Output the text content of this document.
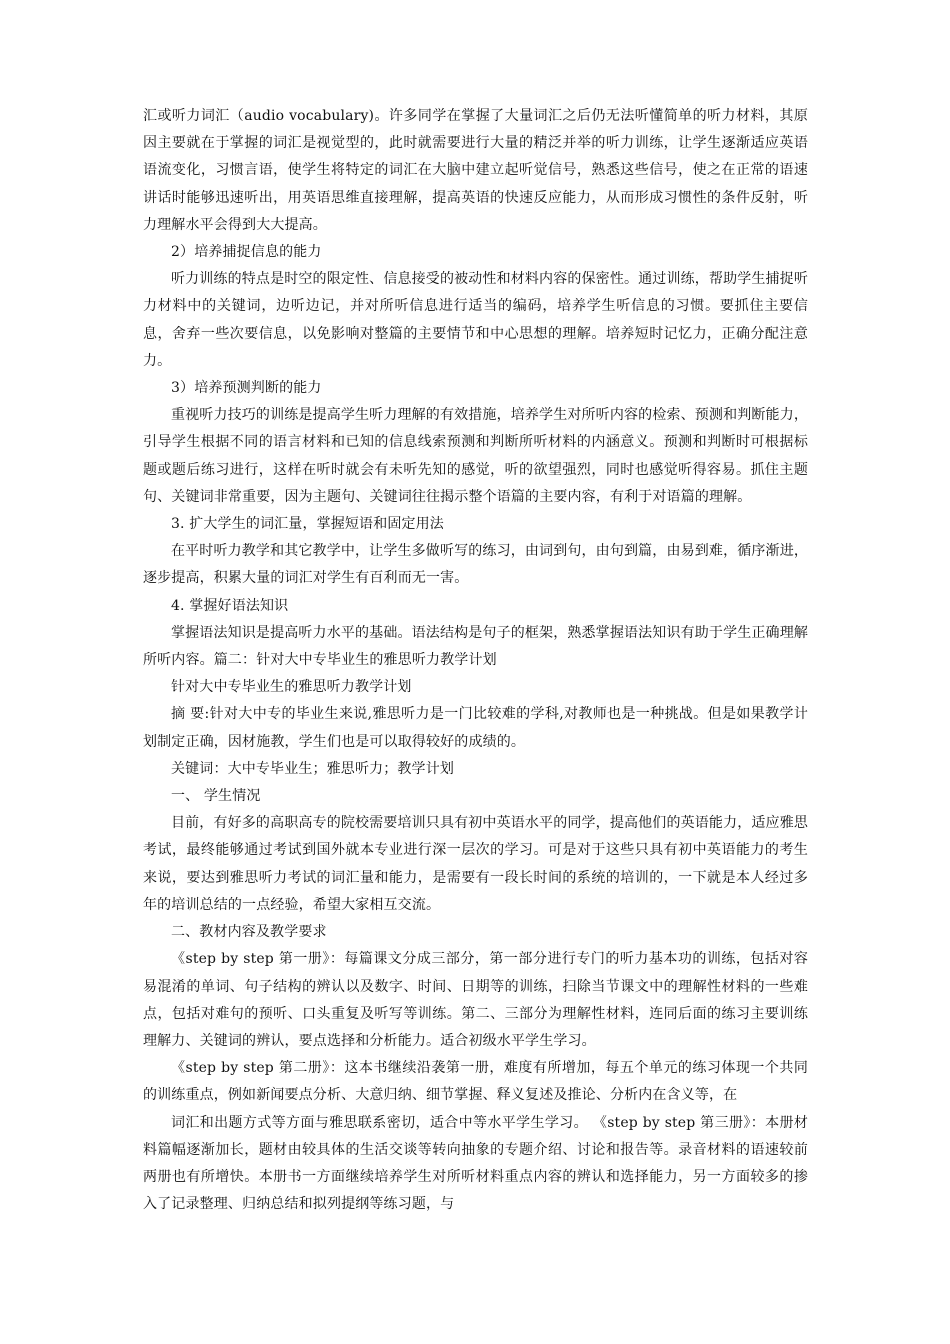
汇或听力词汇（audio vocabulary)。许多同学在掌握了大量词汇之后仍无法听懂简单的听力材料，其原因主要就在于掌握的词汇是视觉型的，此时就需要进行大量的精泛并举的听力训练，让学生逐渐适应英语语流变化，习惯言语，使学生将特定的词汇在大脑中建立起听觉信号，熟悉这些信号，使之在正常的语速讲话时能够迅速听出，用英语思维直接理解，提高英语的快速反应能力，从而形成习惯性的条件反射，听力理解水平会得到大大提高。

2）培养捕捉信息的能力

听力训练的特点是时空的限定性、信息接受的被动性和材料内容的保密性。通过训练，帮助学生捕捉听力材料中的关键词，边听边记，并对所听信息进行适当的编码，培养学生听信息的习惯。要抓住主要信息，舍弃一些次要信息，以免影响对整篇的主要情节和中心思想的理解。培养短时记忆力，正确分配注意力。

3）培养预测判断的能力

重视听力技巧的训练是提高学生听力理解的有效措施，培养学生对所听内容的检索、预测和判断能力，引导学生根据不同的语言材料和已知的信息线索预测和判断所听材料的内涵意义。预测和判断时可根据标题或题后练习进行，这样在听时就会有未听先知的感觉，听的欲望强烈，同时也感觉听得容易。抓住主题句、关键词非常重要，因为主题句、关键词往往揭示整个语篇的主要内容，有利于对语篇的理解。

3. 扩大学生的词汇量，掌握短语和固定用法

在平时听力教学和其它教学中，让学生多做听写的练习，由词到句，由句到篇，由易到难，循序渐进，逐步提高，积累大量的词汇对学生有百利而无一害。

4. 掌握好语法知识

掌握语法知识是提高听力水平的基础。语法结构是句子的框架，熟悉掌握语法知识有助于学生正确理解所听内容。篇二：针对大中专毕业生的雅思听力教学计划

针对大中专毕业生的雅思听力教学计划

摘 要:针对大中专的毕业生来说,雅思听力是一门比较难的学科,对教师也是一种挑战。但是如果教学计划制定正确，因材施教，学生们也是可以取得较好的成绩的。

关键词：大中专毕业生；雅思听力；教学计划

一、 学生情况

目前，有好多的高职高专的院校需要培训只具有初中英语水平的同学，提高他们的英语能力，适应雅思考试，最终能够通过考试到国外就本专业进行深一层次的学习。可是对于这些只具有初中英语能力的考生来说，要达到雅思听力考试的词汇量和能力，是需要有一段长时间的系统的培训的，一下就是本人经过多年的培训总结的一点经验，希望大家相互交流。

二、教材内容及教学要求

《step by step 第一册》：每篇课文分成三部分，第一部分进行专门的听力基本功的训练，包括对容易混淆的单词、句子结构的辨认以及数字、时间、日期等的训练，扫除当节课文中的理解性材料的一些难点，包括对难句的预听、口头重复及听写等训练。第二、三部分为理解性材料，连同后面的练习主要训练理解力、关键词的辨认，要点选择和分析能力。适合初级水平学生学习。

《step by step 第二册》：这本书继续沿袭第一册，难度有所增加，每五个单元的练习体现一个共同的训练重点，例如新闻要点分析、大意归纳、细节掌握、释义复述及推论、分析内在含义等，在

词汇和出题方式等方面与雅思联系密切，适合中等水平学生学习。 《step by step 第三册》：本册材料篇幅逐渐加长，题材由较具体的生活交谈等转向抽象的专题介绍、讨论和报告等。录音材料的语速较前两册也有所增快。本册书一方面继续培养学生对所听材料重点内容的辨认和选择能力，另一方面较多的掺入了记录整理、归纳总结和拟列提纲等练习题，与
